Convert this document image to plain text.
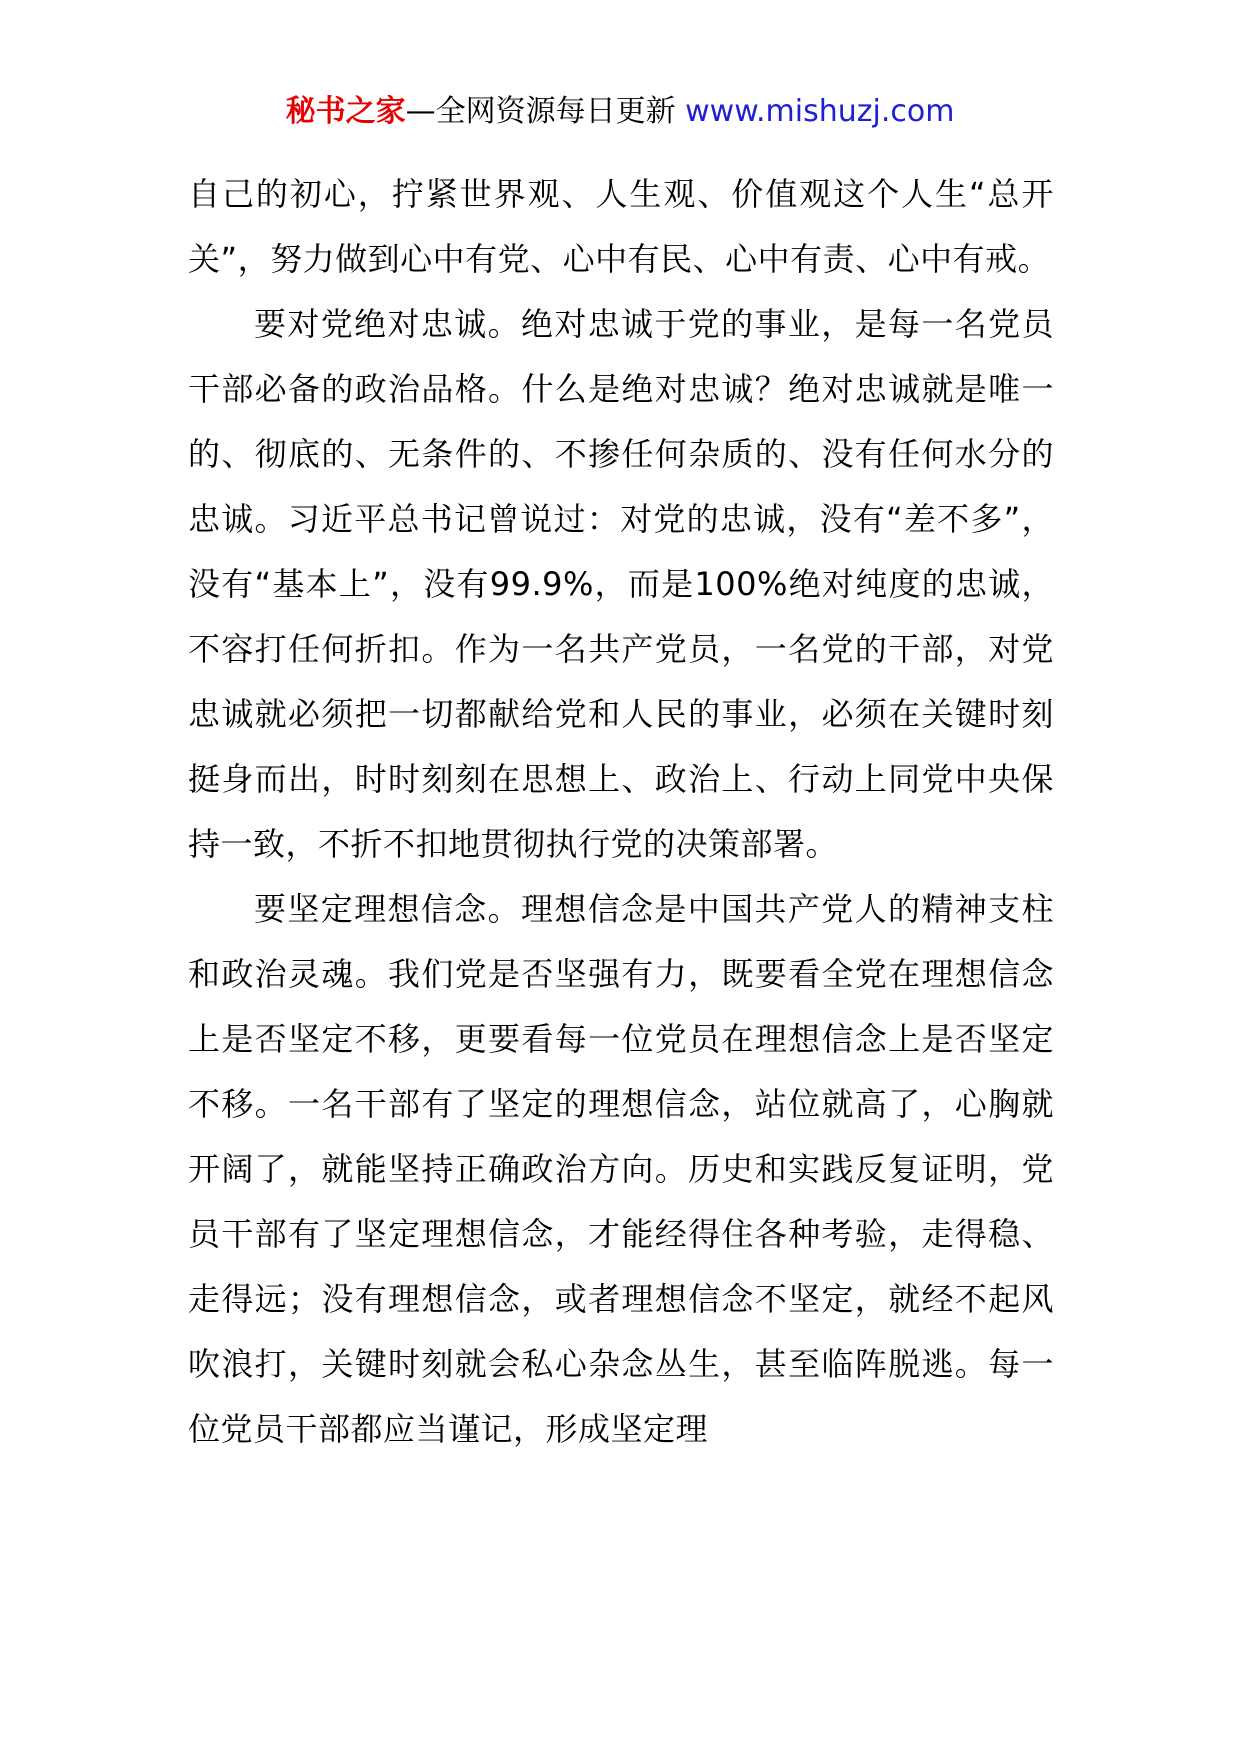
秘书之家—全网资源每日更新 www.mishuzj.com

自己的初心，拧紧世界观、人生观、价值观这个人生“总开关”，努力做到心中有党、心中有民、心中有责、心中有戒。

要对党绝对忠诚。绝对忠诚于党的事业，是每一名党员干部必备的政治品格。什么是绝对忠诚？绝对忠诚就是唯一的、彻底的、无条件的、不掺任何杂质的、没有任何水分的忠诚。习近平总书记曾说过：对党的忠诚，没有“差不多”，没有“基本上”，没有99.9%，而是100%绝对纯度的忠诚，不容打任何折扣。作为一名共产党员，一名党的干部，对党忠诚就必须把一切都献给党和人民的事业，必须在关键时刻挺身而出，时时刻刻在思想上、政治上、行动上同党中央保持一致，不折不扣地贯彻执行党的决策部署。

要坚定理想信念。理想信念是中国共产党人的精神支柱和政治灵魂。我们党是否坚强有力，既要看全党在理想信念上是否坚定不移，更要看每一位党员在理想信念上是否坚定不移。一名干部有了坚定的理想信念，站位就高了，心胸就开阔了，就能坚持正确政治方向。历史和实践反复证明，党员干部有了坚定理想信念，才能经得住各种考验，走得稳、走得远；没有理想信念，或者理想信念不坚定，就经不起风吹浪打，关键时刻就会私心杂念丛生，甚至临阵脱逃。每一位党员干部都应当谨记，形成坚定理
